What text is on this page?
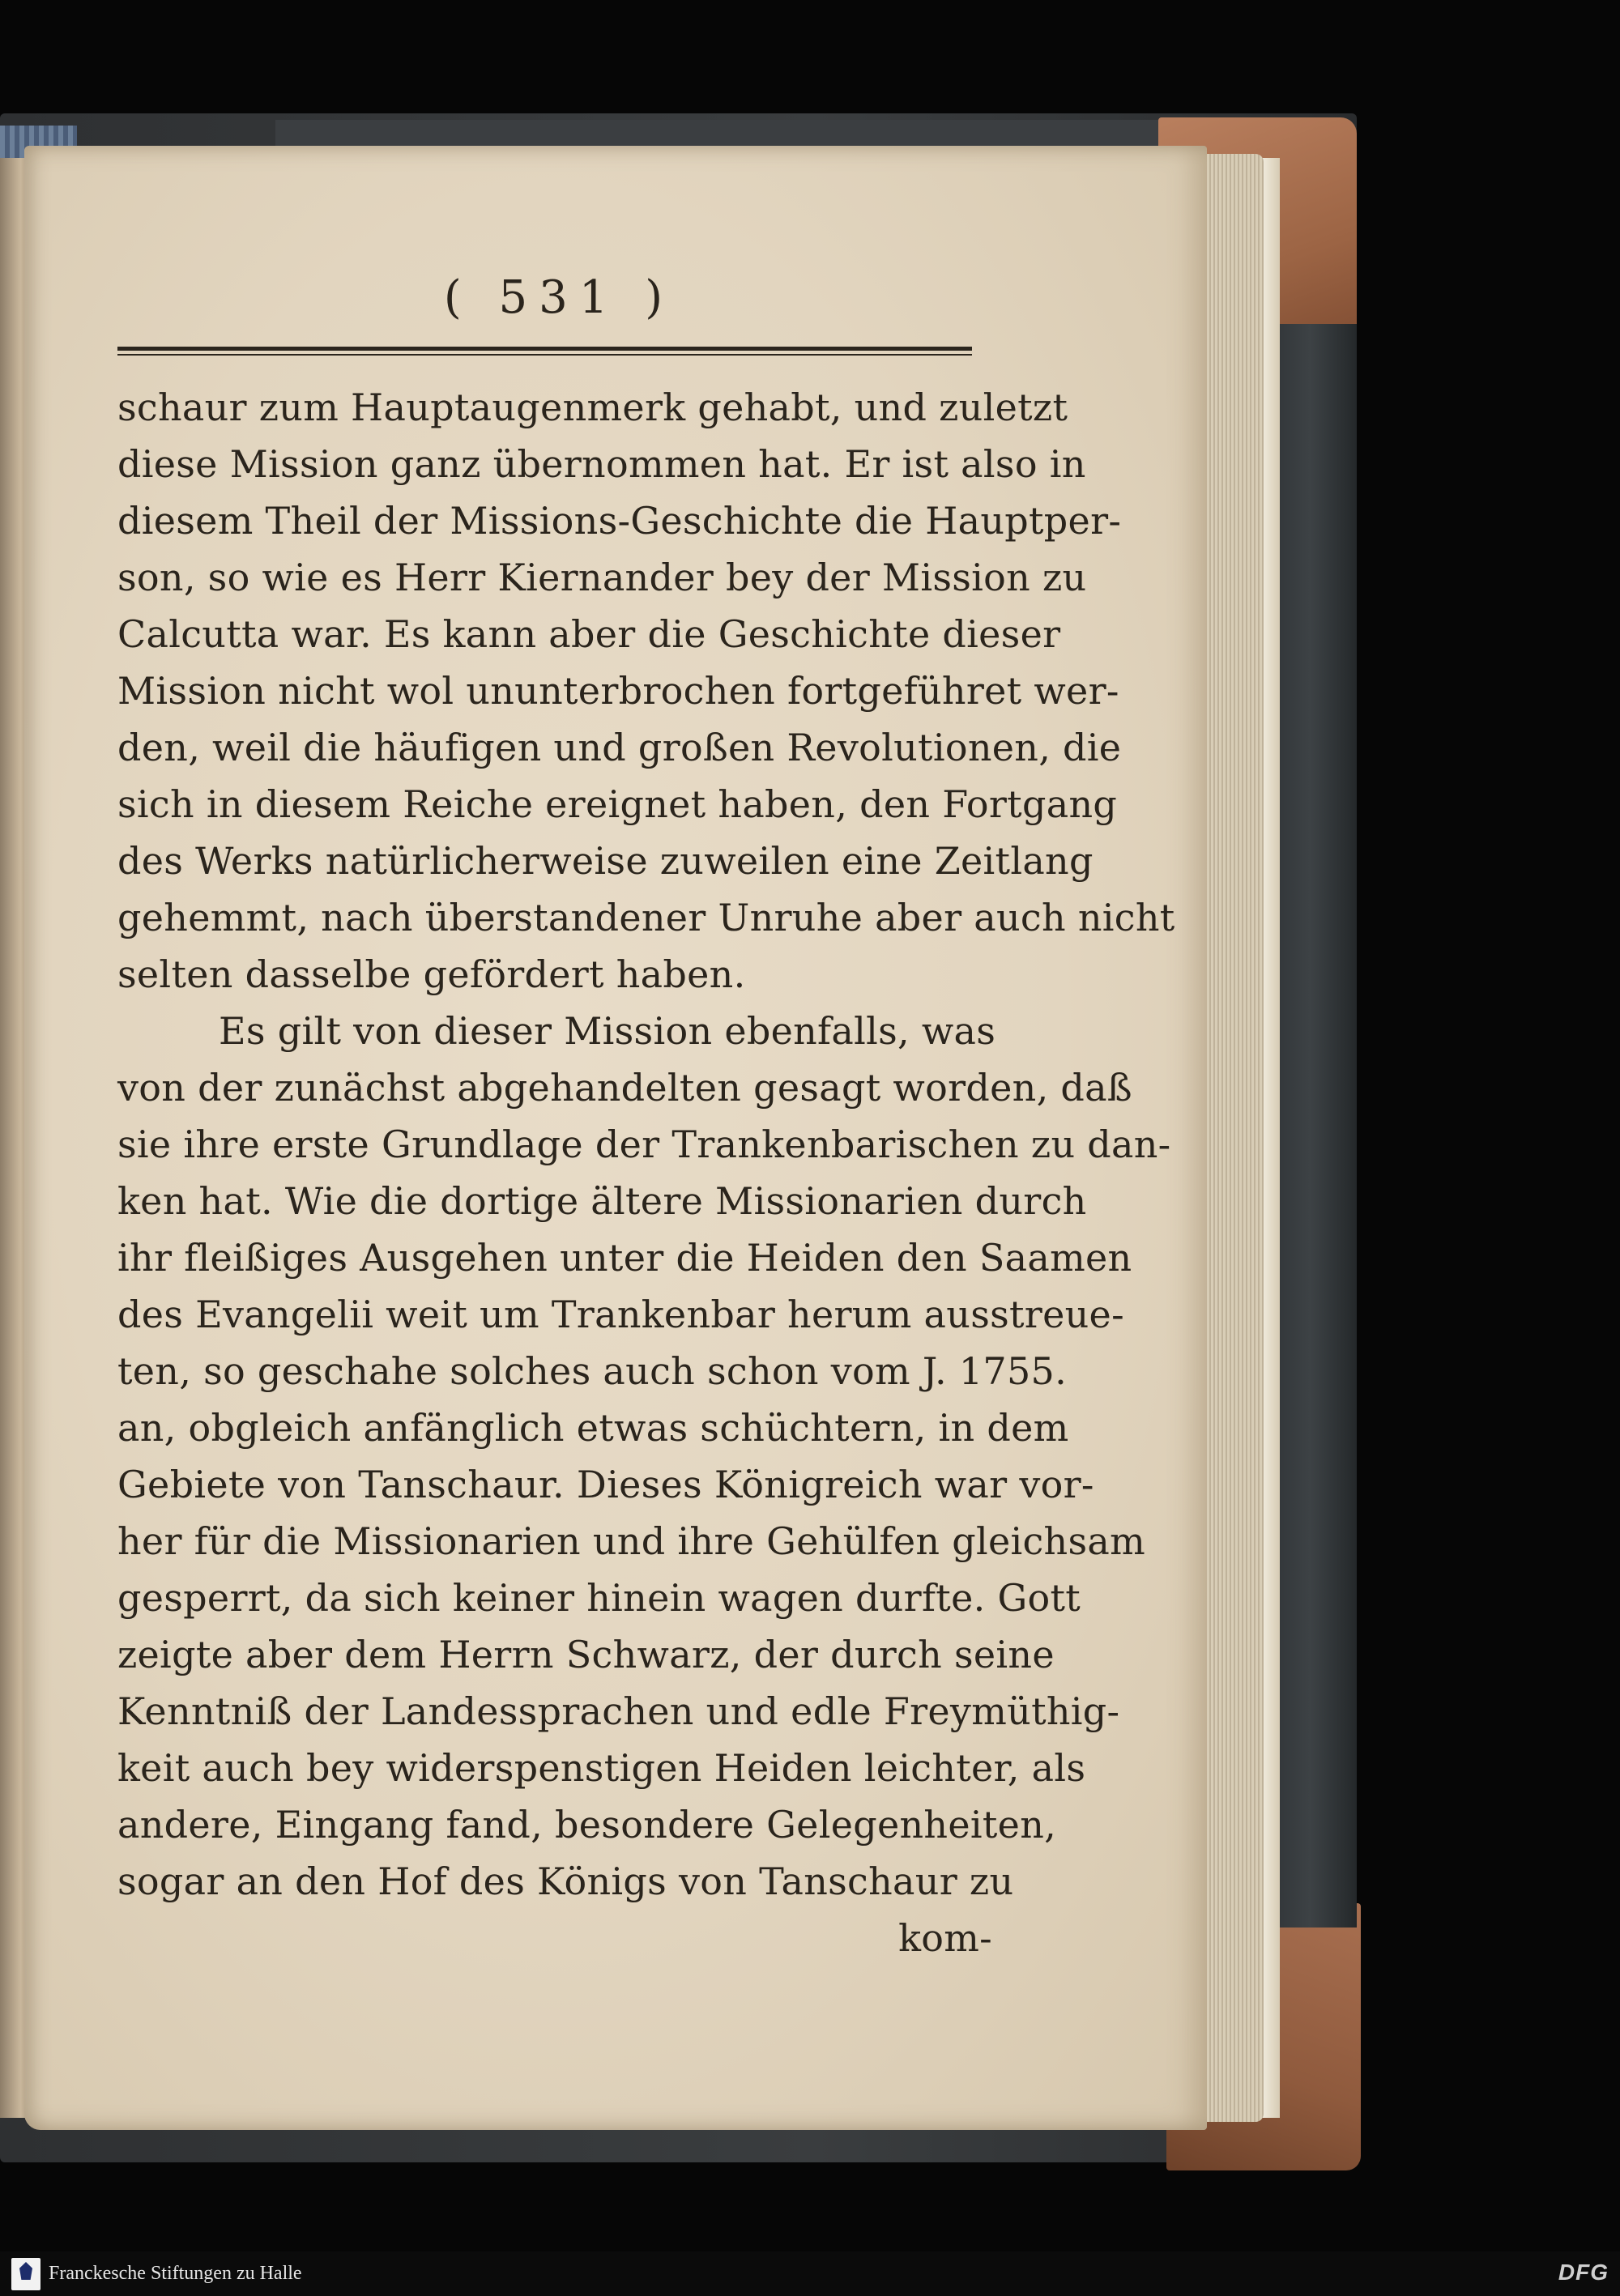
( 531 )
schaur zum Hauptaugenmerk gehabt, und zuletzt
diese Mission ganz übernommen hat. Er ist also in
diesem Theil der Missions-Geschichte die Hauptper-
son, so wie es Herr Kiernander bey der Mission zu
Calcutta war. Es kann aber die Geschichte dieser
Mission nicht wol ununterbrochen fortgeführet wer-
den, weil die häufigen und großen Revolutionen, die
sich in diesem Reiche ereignet haben, den Fortgang
des Werks natürlicherweise zuweilen eine Zeitlang
gehemmt, nach überstandener Unruhe aber auch nicht
selten dasselbe gefördert haben.
Es gilt von dieser Mission ebenfalls, was
von der zunächst abgehandelten gesagt worden, daß
sie ihre erste Grundlage der Trankenbarischen zu dan-
ken hat. Wie die dortige ältere Missionarien durch
ihr fleißiges Ausgehen unter die Heiden den Saamen
des Evangelii weit um Trankenbar herum ausstreue-
ten, so geschahe solches auch schon vom J. 1755.
an, obgleich anfänglich etwas schüchtern, in dem
Gebiete von Tanschaur. Dieses Königreich war vor-
her für die Missionarien und ihre Gehülfen gleichsam
gesperrt, da sich keiner hinein wagen durfte. Gott
zeigte aber dem Herrn Schwarz, der durch seine
Kenntniß der Landessprachen und edle Freymüthig-
keit auch bey widerspenstigen Heiden leichter, als
andere, Eingang fand, besondere Gelegenheiten,
sogar an den Hof des Königs von Tanschaur zu
kom-
Franckesche Stiftungen zu Halle	DFG
